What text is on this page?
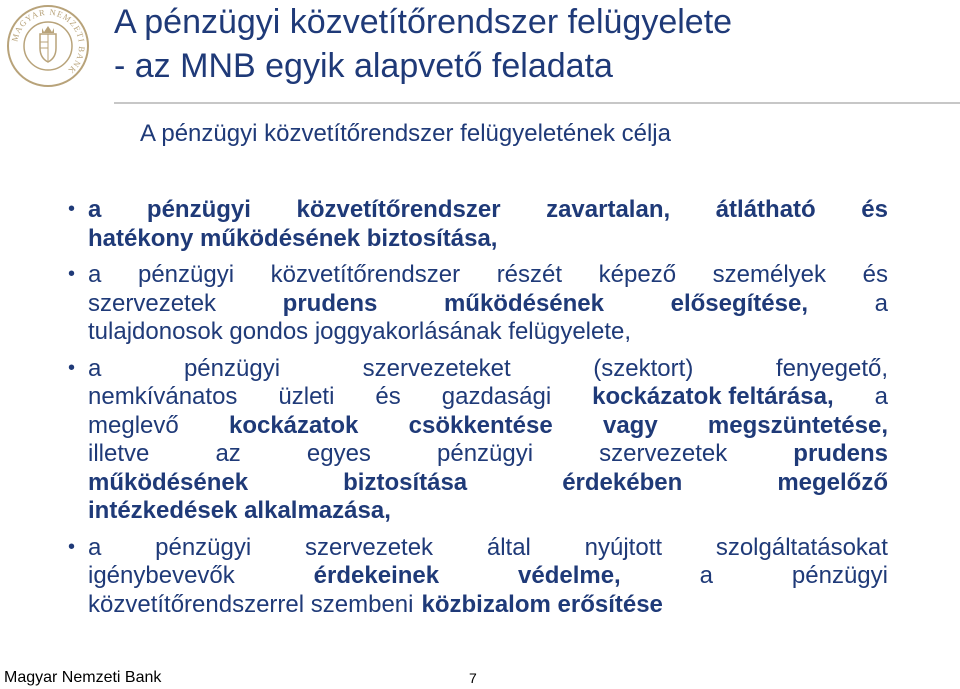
MAGYAR NEMZETI BANK
A pénzügyi közvetítőrendszer felügyelete
- az MNB egyik alapvető feladata
A pénzügyi közvetítőrendszer felügyeletének célja
• a pénzügyi közvetítőrendszer zavartalan, átlátható és
hatékony működésének biztosítása,
• a pénzügyi közvetítőrendszer részét képező személyek és
szervezetek	prudens	működésének	elősegítése,	a
tulajdonosok gondos joggyakorlásának felügyelete,
• a	pénzügyi	szervezeteket	(szektort)	fenyegető,
nemkívánatos üzleti és gazdasági kockázatok feltárása, a
meglevő kockázatok csökkentése vagy megszüntetése,
illetve	az	egyes	pénzügyi	szervezetek	prudens
működésének	biztosítása	érdekében	megelőző
intézkedések alkalmazása,
• a pénzügyi szervezetek által nyújtott szolgáltatásokat
igénybevevők	érdekeinek	védelme,	a	pénzügyi
közvetítőrendszerrel szembeni közbizalom erősítése
Magyar Nemzeti Bank	7
